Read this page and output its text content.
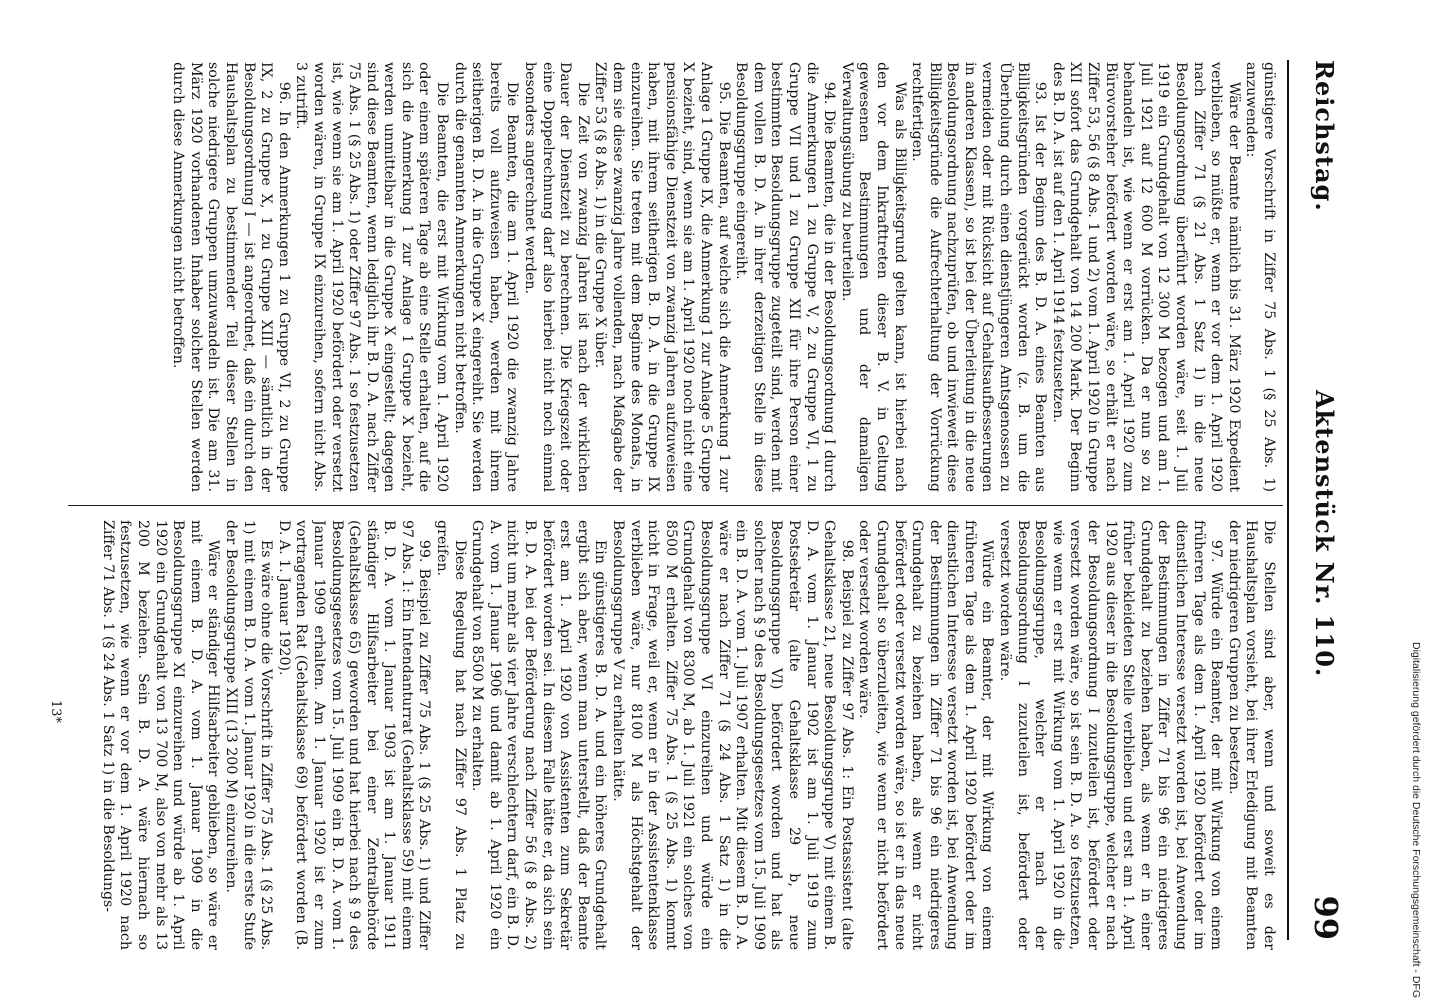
Reichstag.
Aktenstück Nr. 110.
99

günstigere Vorschrift in Ziffer 75 Abs. 1 (§ 25 Abs. 1) anzuwenden:

Wäre der Beamte nämlich bis 31. März 1920 Expedient verblieben, so müßte er, wenn er vor dem 1. April 1920 nach Ziffer 71 (§ 21 Abs. 1 Satz 1) in die neue Besoldungsordnung überführt worden wäre, seit 1. Juli 1919 ein Grundgehalt von 12 300 M bezogen und am 1. Juli 1921 auf 12 600 M vorrücken. Da er nun so zu behandeln ist, wie wenn er erst am 1. April 1920 zum Bürovorsteher befördert worden wäre, so erhält er nach Ziffer 53, 56 (§ 8 Abs. 1 und 2) vom 1. April 1920 in Gruppe XII sofort das Grundgehalt von 14 200 Mark. Der Beginn des B. D. A. ist auf den 1. April 1914 festzusetzen.

93. Ist der Beginn des B. D. A. eines Beamten aus Billigkeitsgründen vorgerückt worden (z. B. um die Überholung durch einen dienstjüngeren Amtsgenossen zu vermeiden oder mit Rücksicht auf Gehaltsaufbesserungen in anderen Klassen), so ist bei der Überleitung in die neue Besoldungsordnung nachzuprüfen, ob und inwieweit diese Billigkeitsgründe die Aufrechterhaltung der Vorrückung rechtfertigen.

Was als Billigkeitsgrund gelten kann, ist hierbei nach den vor dem Inkrafttreten dieser B. V. in Geltung gewesenen Bestimmungen und der damaligen Verwaltungsübung zu beurteilen.

94. Die Beamten, die in der Besoldungsordnung I durch die Anmerkungen 1 zu Gruppe V, 2 zu Gruppe VI, 1 zu Gruppe VII und 1 zu Gruppe XII für ihre Person einer bestimmten Besoldungsgruppe zugeteilt sind, werden mit dem vollen B. D. A. in ihrer derzeitigen Stelle in diese Besoldungsgruppe eingereiht.

95. Die Beamten, auf welche sich die Anmerkung 1 zur Anlage 1 Gruppe IX, die Anmerkung 1 zur Anlage 5 Gruppe X bezieht, sind, wenn sie am 1. April 1920 noch nicht eine pensionsfähige Dienstzeit von zwanzig Jahren aufzuweisen haben, mit ihrem seitherigen B. D. A. in die Gruppe IX einzureihen. Sie treten mit dem Beginne des Monats, in dem sie diese zwanzig Jahre vollenden, nach Maßgabe der Ziffer 53 (§ 8 Abs. 1) in die Gruppe X über.

Die Zeit von zwanzig Jahren ist nach der wirklichen Dauer der Dienstzeit zu berechnen. Die Kriegszeit oder eine Doppelrechnung darf also hierbei nicht noch einmal besonders angerechnet werden.

Die Beamten, die am 1. April 1920 die zwanzig Jahre bereits voll aufzuweisen haben, werden mit ihrem seitherigen B. D. A. in die Gruppe X eingereiht. Sie werden durch die genannten Anmerkungen nicht betroffen.

Die Beamten, die erst mit Wirkung vom 1. April 1920 oder einem späteren Tage ab eine Stelle erhalten, auf die sich die Anmerkung 1 zur Anlage 1 Gruppe X bezieht, werden unmittelbar in die Gruppe X eingestellt; dagegen sind diese Beamten, wenn lediglich ihr B. D. A. nach Ziffer 75 Abs. 1 (§ 25 Abs. 1) oder Ziffer 97 Abs. 1 so festzusetzen ist, wie wenn sie am 1. April 1920 befördert oder versetzt worden wären, in Gruppe IX einzureihen, sofern nicht Abs. 3 zutrifft.

96. In den Anmerkungen 1 zu Gruppe VI, 2 zu Gruppe IX, 2 zu Gruppe X, 1 zu Gruppe XIII — sämtlich in der Besoldungsordnung I — ist angeordnet, daß ein durch den Haushaltsplan zu bestimmender Teil dieser Stellen in solche niedrigere Gruppen umzuwandeln ist. Die am 31. März 1920 vorhandenen Inhaber solcher Stellen werden durch diese Anmerkungen nicht betroffen.

Die Stellen sind aber, wenn und soweit es der Haushaltsplan vorsieht, bei ihrer Erledigung mit Beamten der niedrigeren Gruppen zu besetzen.

97. Würde ein Beamter, der mit Wirkung von einem früheren Tage als dem 1. April 1920 befördert oder im dienstlichen Interesse versetzt worden ist, bei Anwendung der Bestimmungen in Ziffer 71 bis 96 ein niedrigeres Grundgehalt zu beziehen haben, als wenn er in einer früher bekleideten Stelle verblieben und erst am 1. April 1920 aus dieser in die Besoldungsgruppe, welcher er nach der Besoldungsordnung I zuzuteilen ist, befördert oder versetzt worden wäre, so ist sein B. D. A. so festzusetzen, wie wenn er erst mit Wirkung vom 1. April 1920 in die Besoldungsgruppe, welcher er nach der Besoldungsordnung I zuzuteilen ist, befördert oder versetzt worden wäre.

Würde ein Beamter, der mit Wirkung von einem früheren Tage als dem 1. April 1920 befördert oder im dienstlichen Interesse versetzt worden ist, bei Anwendung der Bestimmungen in Ziffer 71 bis 96 ein niedrigeres Grundgehalt zu beziehen haben, als wenn er nicht befördert oder versetzt worden wäre, so ist er in das neue Grundgehalt so überzuleiten, wie wenn er nicht befördert oder versetzt worden wäre.

98. Beispiel zu Ziffer 97 Abs. 1: Ein Postassistent (alte Gehaltsklasse 21, neue Besoldungsgruppe V) mit einem B. D. A. vom 1. Januar 1902 ist am 1. Juli 1919 zum Postsekretär (alte Gehaltsklasse 29 b, neue Besoldungsgruppe VI) befördert worden und hat als solcher nach § 9 des Besoldungsgesetzes vom 15. Juli 1909 ein B. D. A. vom 1. Juli 1907 erhalten. Mit diesem B. D. A. wäre er nach Ziffer 71 (§ 24 Abs. 1 Satz 1) in die Besoldungsgruppe VI einzureihen und würde ein Grundgehalt von 8300 M, ab 1. Juli 1921 ein solches von 8500 M erhalten. Ziffer 75 Abs. 1 (§ 25 Abs. 1) kommt nicht in Frage, weil er, wenn er in der Assistentenklasse verblieben wäre, nur 8100 M als Höchstgehalt der Besoldungsgruppe V zu erhalten hätte.

Ein günstigeres B. D. A. und ein höheres Grundgehalt ergibt sich aber, wenn man unterstellt, daß der Beamte erst am 1. April 1920 von Assistenten zum Sekretär befördert worden sei. In diesem Falle hätte er, da sich sein B. D. A. bei der Beförderung nach Ziffer 56 (§ 8 Abs. 2) nicht um mehr als vier Jahre verschlechtern darf, ein B. D. A. vom 1. Januar 1906 und damit ab 1. April 1920 ein Grundgehalt von 8500 M zu erhalten.

Diese Regelung hat nach Ziffer 97 Abs. 1 Platz zu greifen.

99. Beispiel zu Ziffer 75 Abs. 1 (§ 25 Abs. 1) und Ziffer 97 Abs. 1: Ein Intendanturrat (Gehaltsklasse 59) mit einem B. D. A. vom 1. Januar 1903 ist am 1. Januar 1911 ständiger Hilfsarbeiter bei einer Zentralbehörde (Gehaltsklasse 65) geworden und hat hierbei nach § 9 des Besoldungsgesetzes vom 15. Juli 1909 ein B. D. A. vom 1. Januar 1909 erhalten. Am 1. Januar 1920 ist er zum vortragenden Rat (Gehaltsklasse 69) befördert worden (B. D. A. 1. Januar 1920).

Es wäre ohne die Vorschrift in Ziffer 75 Abs. 1 (§ 25 Abs. 1) mit einem B. D. A. vom 1. Januar 1920 in die erste Stufe der Besoldungsgruppe XIII (13 200 M) einzureihen.

Wäre er ständiger Hilfsarbeiter geblieben, so wäre er mit einem B. D. A. vom 1. Januar 1909 in die Besoldungsgruppe XI einzureihen und würde ab 1. April 1920 ein Grundgehalt von 13 700 M, also von mehr als 13 200 M beziehen. Sein B. D. A. wäre hiernach so festzusetzen, wie wenn er vor dem 1. April 1920 nach Ziffer 71 Abs. 1 (§ 24 Abs. 1 Satz 1) in die Besoldungs-

13*	Digitalisierung gefördert durch die Deutsche Forschungsgemeinschaft - DFG
